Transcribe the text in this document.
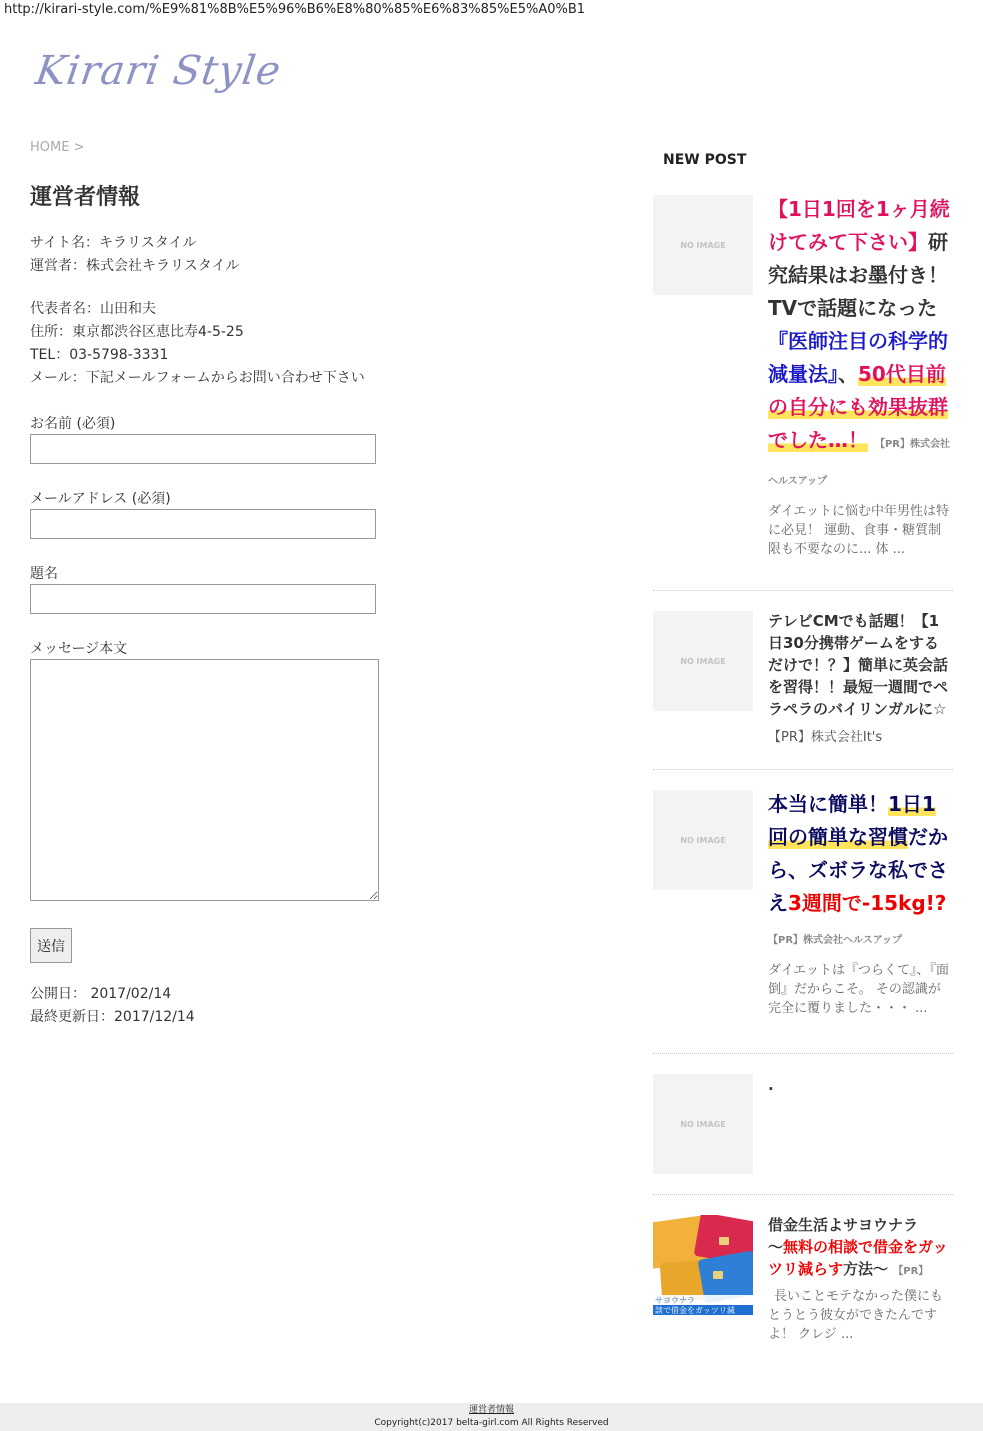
http://kirari-style.com/%E9%81%8B%E5%96%B6%E8%80%85%E6%83%85%E5%A0%B1
Kirari Style
HOME >
運営者情報
サイト名：キラリスタイル
運営者：株式会社キラリスタイル
代表者名：山田和夫
住所：東京都渋谷区恵比寿4-5-25
TEL：03-5798-3331
メール：下記メールフォームからお問い合わせ下さい
お名前 (必須)
メールアドレス (必須)
題名
メッセージ本文
送信
公開日： 2017/02/14
最終更新日：2017/12/14
NEW POST
NO IMAGE
【1日1回を1ヶ月続けてみて下さい】研究結果はお墨付き！TVで話題になった『医師注目の科学的減量法』、50代目前の自分にも効果抜群でした…！ 【PR】株式会社ヘルスアップ
ダイエットに悩む中年男性は特に必見！ 運動、食事・糖質制限も不要なのに... 体 ...
NO IMAGE
テレビCMでも話題！【1日30分携帯ゲームをするだけで！？】簡単に英会話を習得！！最短一週間でペラペラのバイリンガルに☆
【PR】株式会社It's
NO IMAGE
本当に簡単！1日1回の簡単な習慣だから、ズボラな私でさえ3週間で-15kg!? 【PR】株式会社ヘルスアップ
ダイエットは『つらくて』、『面倒』だからこそ。 その認識が完全に覆りました・・・ ...
NO IMAGE
.
サヨウナラ
談で借金をガッツリ減
借金生活よサヨウナラ
〜無料の相談で借金をガッツリ減らす方法〜 【PR】
長いことモテなかった僕にもとうとう彼女ができたんですよ！ クレジ ...
運営者情報
Copyright(c)2017 belta-girl.com All Rights Reserved
